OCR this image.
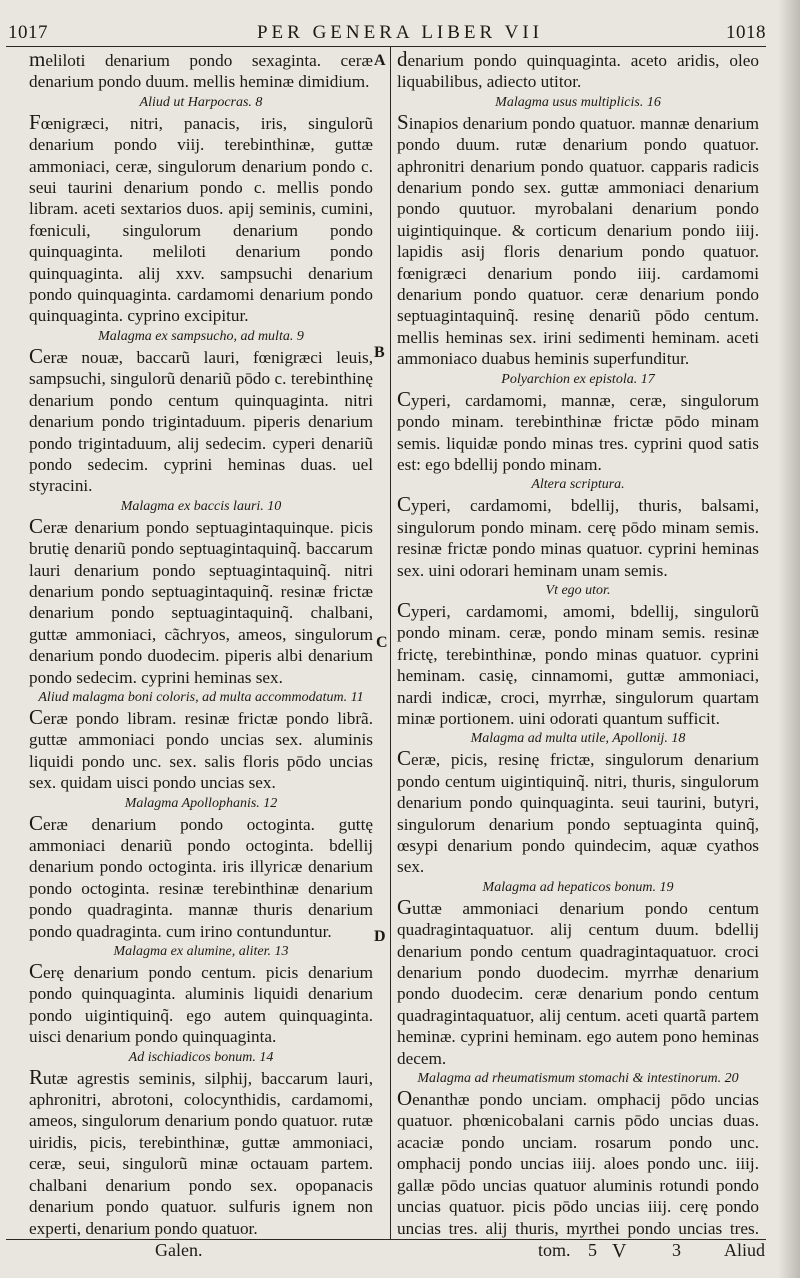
1017	PER GENERA LIBER VII	1018
A
B
C
D
meliloti denarium pondo sexaginta. ceræ denarium pondo duum. mellis heminæ dimidium.
Aliud ut Harpocras. 8
Fœnigræci, nitri, panacis, iris, singulorũ denarium pondo viij. terebinthinæ, guttæ ammoniaci, ceræ, singulorum denarium pondo c. seui taurini denarium pondo c. mellis pondo libram. aceti sextarios duos. apij seminis, cumini, fœniculi, singulorum denarium pondo quinquaginta. meliloti denarium pondo quinquaginta. alij xxv. sampsuchi denarium pondo quinquaginta. cardamomi denarium pondo quinquaginta. cyprino excipitur.
Malagma ex sampsucho, ad multa. 9
Ceræ nouæ, baccarũ lauri, fœnigræci leuis, sampsuchi, singulorũ denariũ pōdo c. terebinthinę denarium pondo centum quinquaginta. nitri denarium pondo trigintaduum. piperis denarium pondo trigintaduum, alij sedecim. cyperi denariũ pondo sedecim. cyprini heminas duas. uel styracini.
Malagma ex baccis lauri. 10
Ceræ denarium pondo septuagintaquinque. picis brutię denariũ pondo septuagintaquinq̃. baccarum lauri denarium pondo septuagintaquinq̃. nitri denarium pondo septuagintaquinq̃. resinæ frictæ denarium pondo septuagintaquinq̃. chalbani, guttæ ammoniaci, cãchryos, ameos, singulorum denarium pondo duodecim. piperis albi denarium pondo sedecim. cyprini heminas sex.
Aliud malagma boni coloris, ad multa accommodatum. 11
Ceræ pondo libram. resinæ frictæ pondo librã. guttæ ammoniaci pondo uncias sex. aluminis liquidi pondo unc. sex. salis floris pōdo uncias sex. quidam uisci pondo uncias sex.
Malagma Apollophanis. 12
Ceræ denarium pondo octoginta. guttę ammoniaci denariũ pondo octoginta. bdellij denarium pondo octoginta. iris illyricæ denarium pondo octoginta. resinæ terebinthinæ denarium pondo quadraginta. mannæ thuris denarium pondo quadraginta. cum irino contunduntur.
Malagma ex alumine, aliter. 13
Cerę denarium pondo centum. picis denarium pondo quinquaginta. aluminis liquidi denarium pondo uigintiquinq̃. ego autem quinquaginta. uisci denarium pondo quinquaginta.
Ad ischiadicos bonum. 14
Rutæ agrestis seminis, silphij, baccarum lauri, aphronitri, abrotoni, colocynthidis, cardamomi, ameos, singulorum denarium pondo quatuor. rutæ uiridis, picis, terebinthinæ, guttæ ammoniaci, ceræ, seui, singulorũ minæ octauam partem. chalbani denarium pondo sex. opopanacis denarium pondo quatuor. sulfuris ignem non experti, denarium pondo quatuor.
denarium pondo quinquaginta. aceto aridis, oleo liquabilibus, adiecto utitor.
Malagma usus multiplicis. 16
Sinapios denarium pondo quatuor. mannæ denarium pondo duum. rutæ denarium pondo quatuor. aphronitri denarium pondo quatuor. capparis radicis denarium pondo sex. guttæ ammoniaci denarium pondo quutuor. myrobalani denarium pondo uigintiquinque. & corticum denarium pondo iiij. lapidis asij floris denarium pondo quatuor. fœnigræci denarium pondo iiij. cardamomi denarium pondo quatuor. ceræ denarium pondo septuagintaquinq̃. resinę denariũ pōdo centum. mellis heminas sex. irini sedimenti heminam. aceti ammoniaco duabus heminis superfunditur.
Polyarchion ex epistola. 17
Cyperi, cardamomi, mannæ, ceræ, singulorum pondo minam. terebinthinæ frictæ pōdo minam semis. liquidæ pondo minas tres. cyprini quod satis est: ego bdellij pondo minam.
Altera scriptura.
Cyperi, cardamomi, bdellij, thuris, balsami, singulorum pondo minam. cerę pōdo minam semis. resinæ frictæ pondo minas quatuor. cyprini heminas sex. uini odorari heminam unam semis.
Vt ego utor.
Cyperi, cardamomi, amomi, bdellij, singulorũ pondo minam. ceræ, pondo minam semis. resinæ frictę, terebinthinæ, pondo minas quatuor. cyprini heminam. casię, cinnamomi, guttæ ammoniaci, nardi indicæ, croci, myrrhæ, singulorum quartam minæ portionem. uini odorati quantum sufficit.
Malagma ad multa utile, Apollonij. 18
Ceræ, picis, resinę frictæ, singulorum denarium pondo centum uigintiquinq̃. nitri, thuris, singulorum denarium pondo quinquaginta. seui taurini, butyri, singulorum denarium pondo septuaginta quinq̃, œsypi denarium pondo quindecim, aquæ cyathos sex.
Malagma ad hepaticos bonum. 19
Guttæ ammoniaci denarium pondo centum quadragintaquatuor. alij centum duum. bdellij denarium pondo centum quadragintaquatuor. croci denarium pondo duodecim. myrrhæ denarium pondo duodecim. ceræ denarium pondo centum quadragintaquatuor, alij centum. aceti quartã partem heminæ. cyprini heminam. ego autem pono heminas decem.
Malagma ad rheumatismum stomachi & intestinorum. 20
Oenanthæ pondo unciam. omphacij pōdo uncias quatuor. phœnicobalani carnis pōdo uncias duas. acaciæ pondo unciam. rosarum pondo unc. omphacij pondo uncias iiij. aloes pondo unc. iiij. gallæ pōdo uncias quatuor aluminis rotundi pondo uncias quatuor. picis pōdo uncias iiij. cerę pondo uncias tres. alij thuris, myrthei pondo uncias tres.
Galen.	tom. 5 V	3 Aliud
